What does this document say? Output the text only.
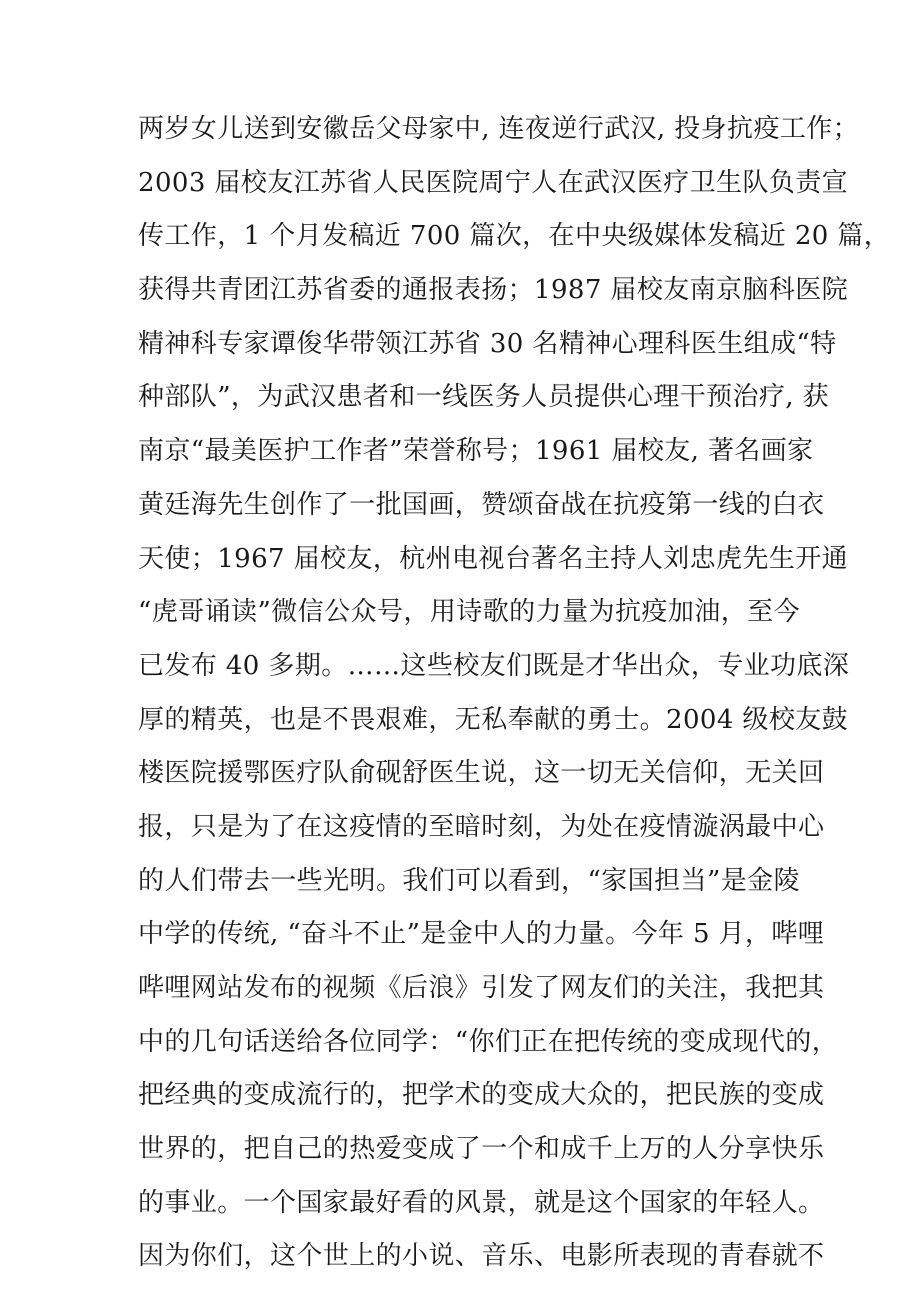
两岁女儿送到安徽岳父母家中, 连夜逆行武汉, 投身抗疫工作；
2003 届校友江苏省人民医院周宁人在武汉医疗卫生队负责宣
传工作，1 个月发稿近 700 篇次，在中央级媒体发稿近 20 篇，
获得共青团江苏省委的通报表扬；1987 届校友南京脑科医院
精神科专家谭俊华带领江苏省 30 名精神心理科医生组成“特
种部队”，为武汉患者和一线医务人员提供心理干预治疗, 获
南京“最美医护工作者”荣誉称号；1961 届校友, 著名画家
黄廷海先生创作了一批国画，赞颂奋战在抗疫第一线的白衣
天使；1967 届校友，杭州电视台著名主持人刘忠虎先生开通
“虎哥诵读”微信公众号，用诗歌的力量为抗疫加油，至今
已发布 40 多期。……这些校友们既是才华出众，专业功底深
厚的精英，也是不畏艰难，无私奉献的勇士。2004 级校友鼓
楼医院援鄂医疗队俞砚舒医生说，这一切无关信仰，无关回
报，只是为了在这疫情的至暗时刻，为处在疫情漩涡最中心
的人们带去一些光明。我们可以看到，“家国担当”是金陵
中学的传统, “奋斗不止”是金中人的力量。今年 5 月，哔哩
哔哩网站发布的视频《后浪》引发了网友们的关注，我把其
中的几句话送给各位同学：“你们正在把传统的变成现代的，
把经典的变成流行的，把学术的变成大众的，把民族的变成
世界的，把自己的热爱变成了一个和成千上万的人分享快乐
的事业。一个国家最好看的风景，就是这个国家的年轻人。
因为你们，这个世上的小说、音乐、电影所表现的青春就不
